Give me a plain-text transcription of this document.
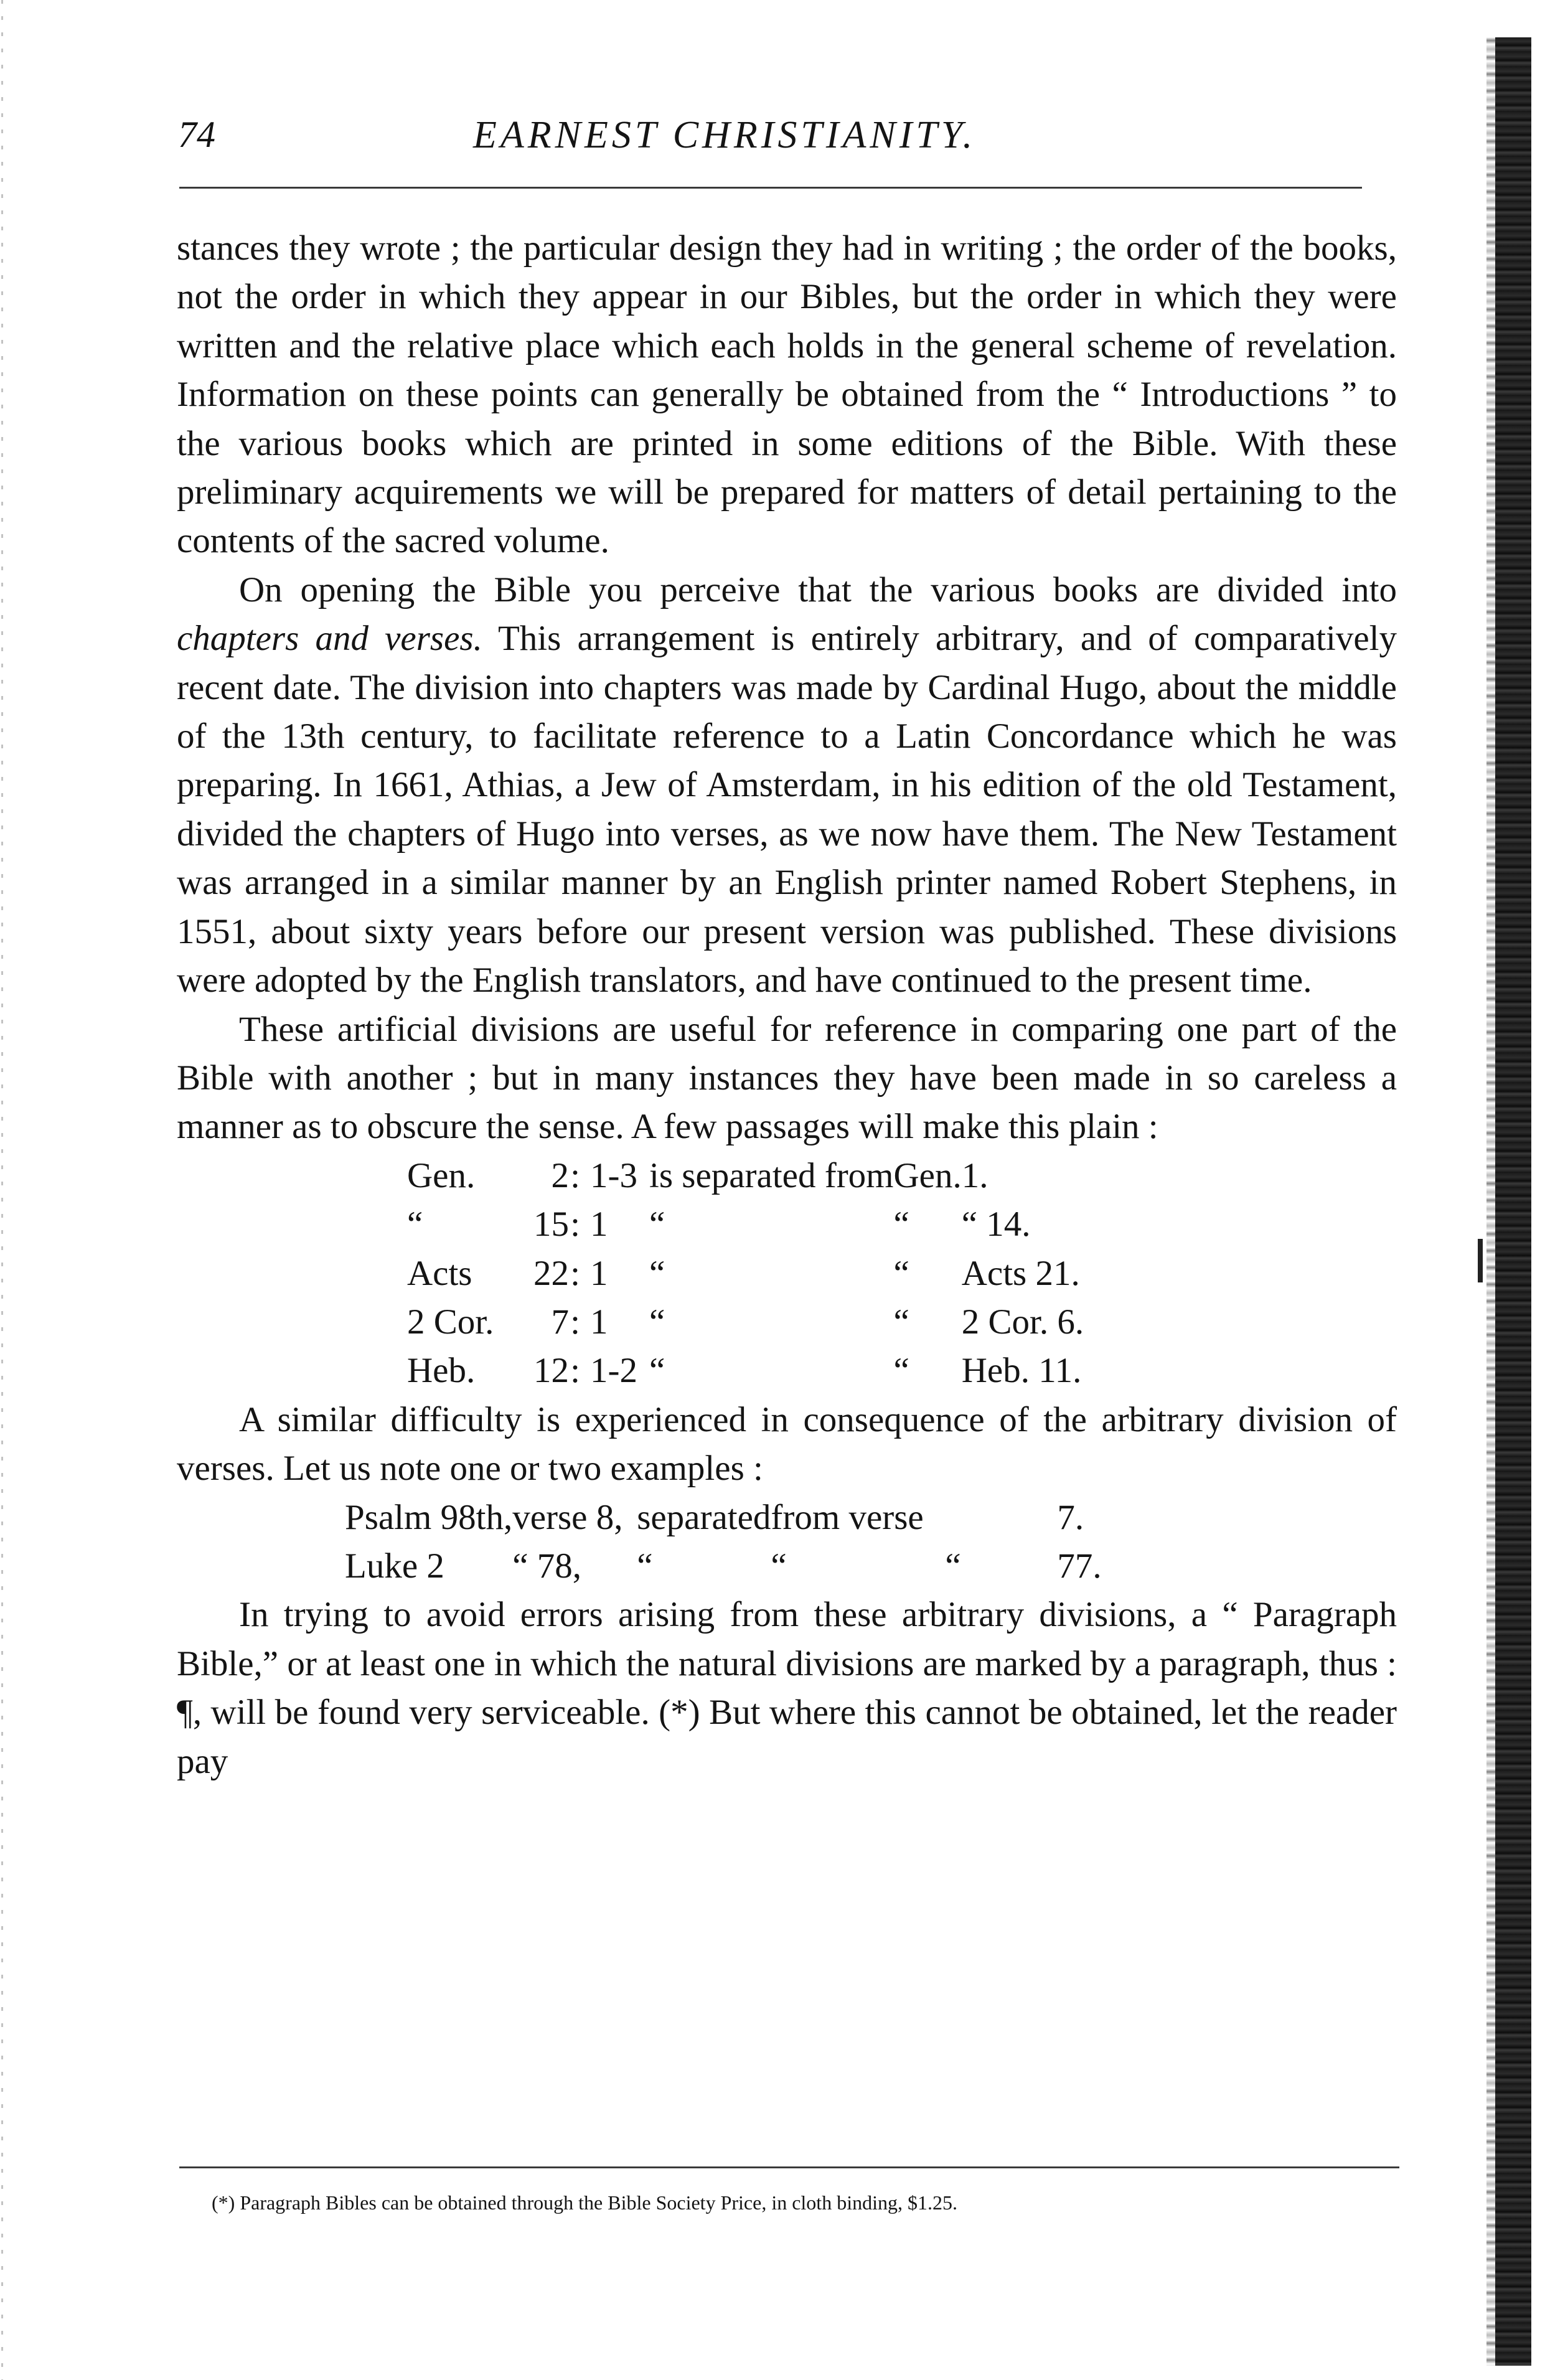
74	EARNEST CHRISTIANITY.

stances they wrote ; the particular design they had in writing ; the order of the books, not the order in which they appear in our Bibles, but the order in which they were written and the relative place which each holds in the general scheme of revelation. Information on these points can generally be obtained from the “ Introductions ” to the various books which are printed in some editions of the Bible. With these preliminary acquirements we will be prepared for matters of detail pertaining to the contents of the sacred volume.

On opening the Bible you perceive that the various books are divided into chapters and verses. This arrangement is entirely arbitrary, and of comparatively recent date. The division into chapters was made by Cardinal Hugo, about the middle of the 13th century, to facilitate reference to a Latin Concordance which he was preparing. In 1661, Athias, a Jew of Amsterdam, in his edition of the old Testament, divided the chapters of Hugo into verses, as we now have them. The New Testament was arranged in a similar manner by an English printer named Robert Stephens, in 1551, about sixty years before our present version was published. These divisions were adopted by the English translators, and have continued to the present time.

These artificial divisions are useful for reference in comparing one part of the Bible with another ; but in many instances they have been made in so careless a manner as to obscure the sense. A few passages will make this plain :

Gen.	2	:	1-3	is separated from	Gen.	1.
“	15	:	1	“	“	“ 14.
Acts	22	:	1	“	“	Acts 21.
2 Cor.	7	:	1	“	“	2 Cor. 6.
Heb.	12	:	1-2	“	“	Heb. 11.

A similar difficulty is experienced in consequence of the arbitrary division of verses. Let us note one or two examples :

Psalm 98th,	verse 8,	separated	from verse		7.
Luke 2	“ 78,	“	“	“	77.

In trying to avoid errors arising from these arbitrary divisions, a “ Paragraph Bible,” or at least one in which the natural divisions are marked by a paragraph, thus : ¶, will be found very serviceable. (*) But where this cannot be obtained, let the reader pay

(*) Paragraph Bibles can be obtained through the Bible Society Price, in cloth binding, $1.25.
